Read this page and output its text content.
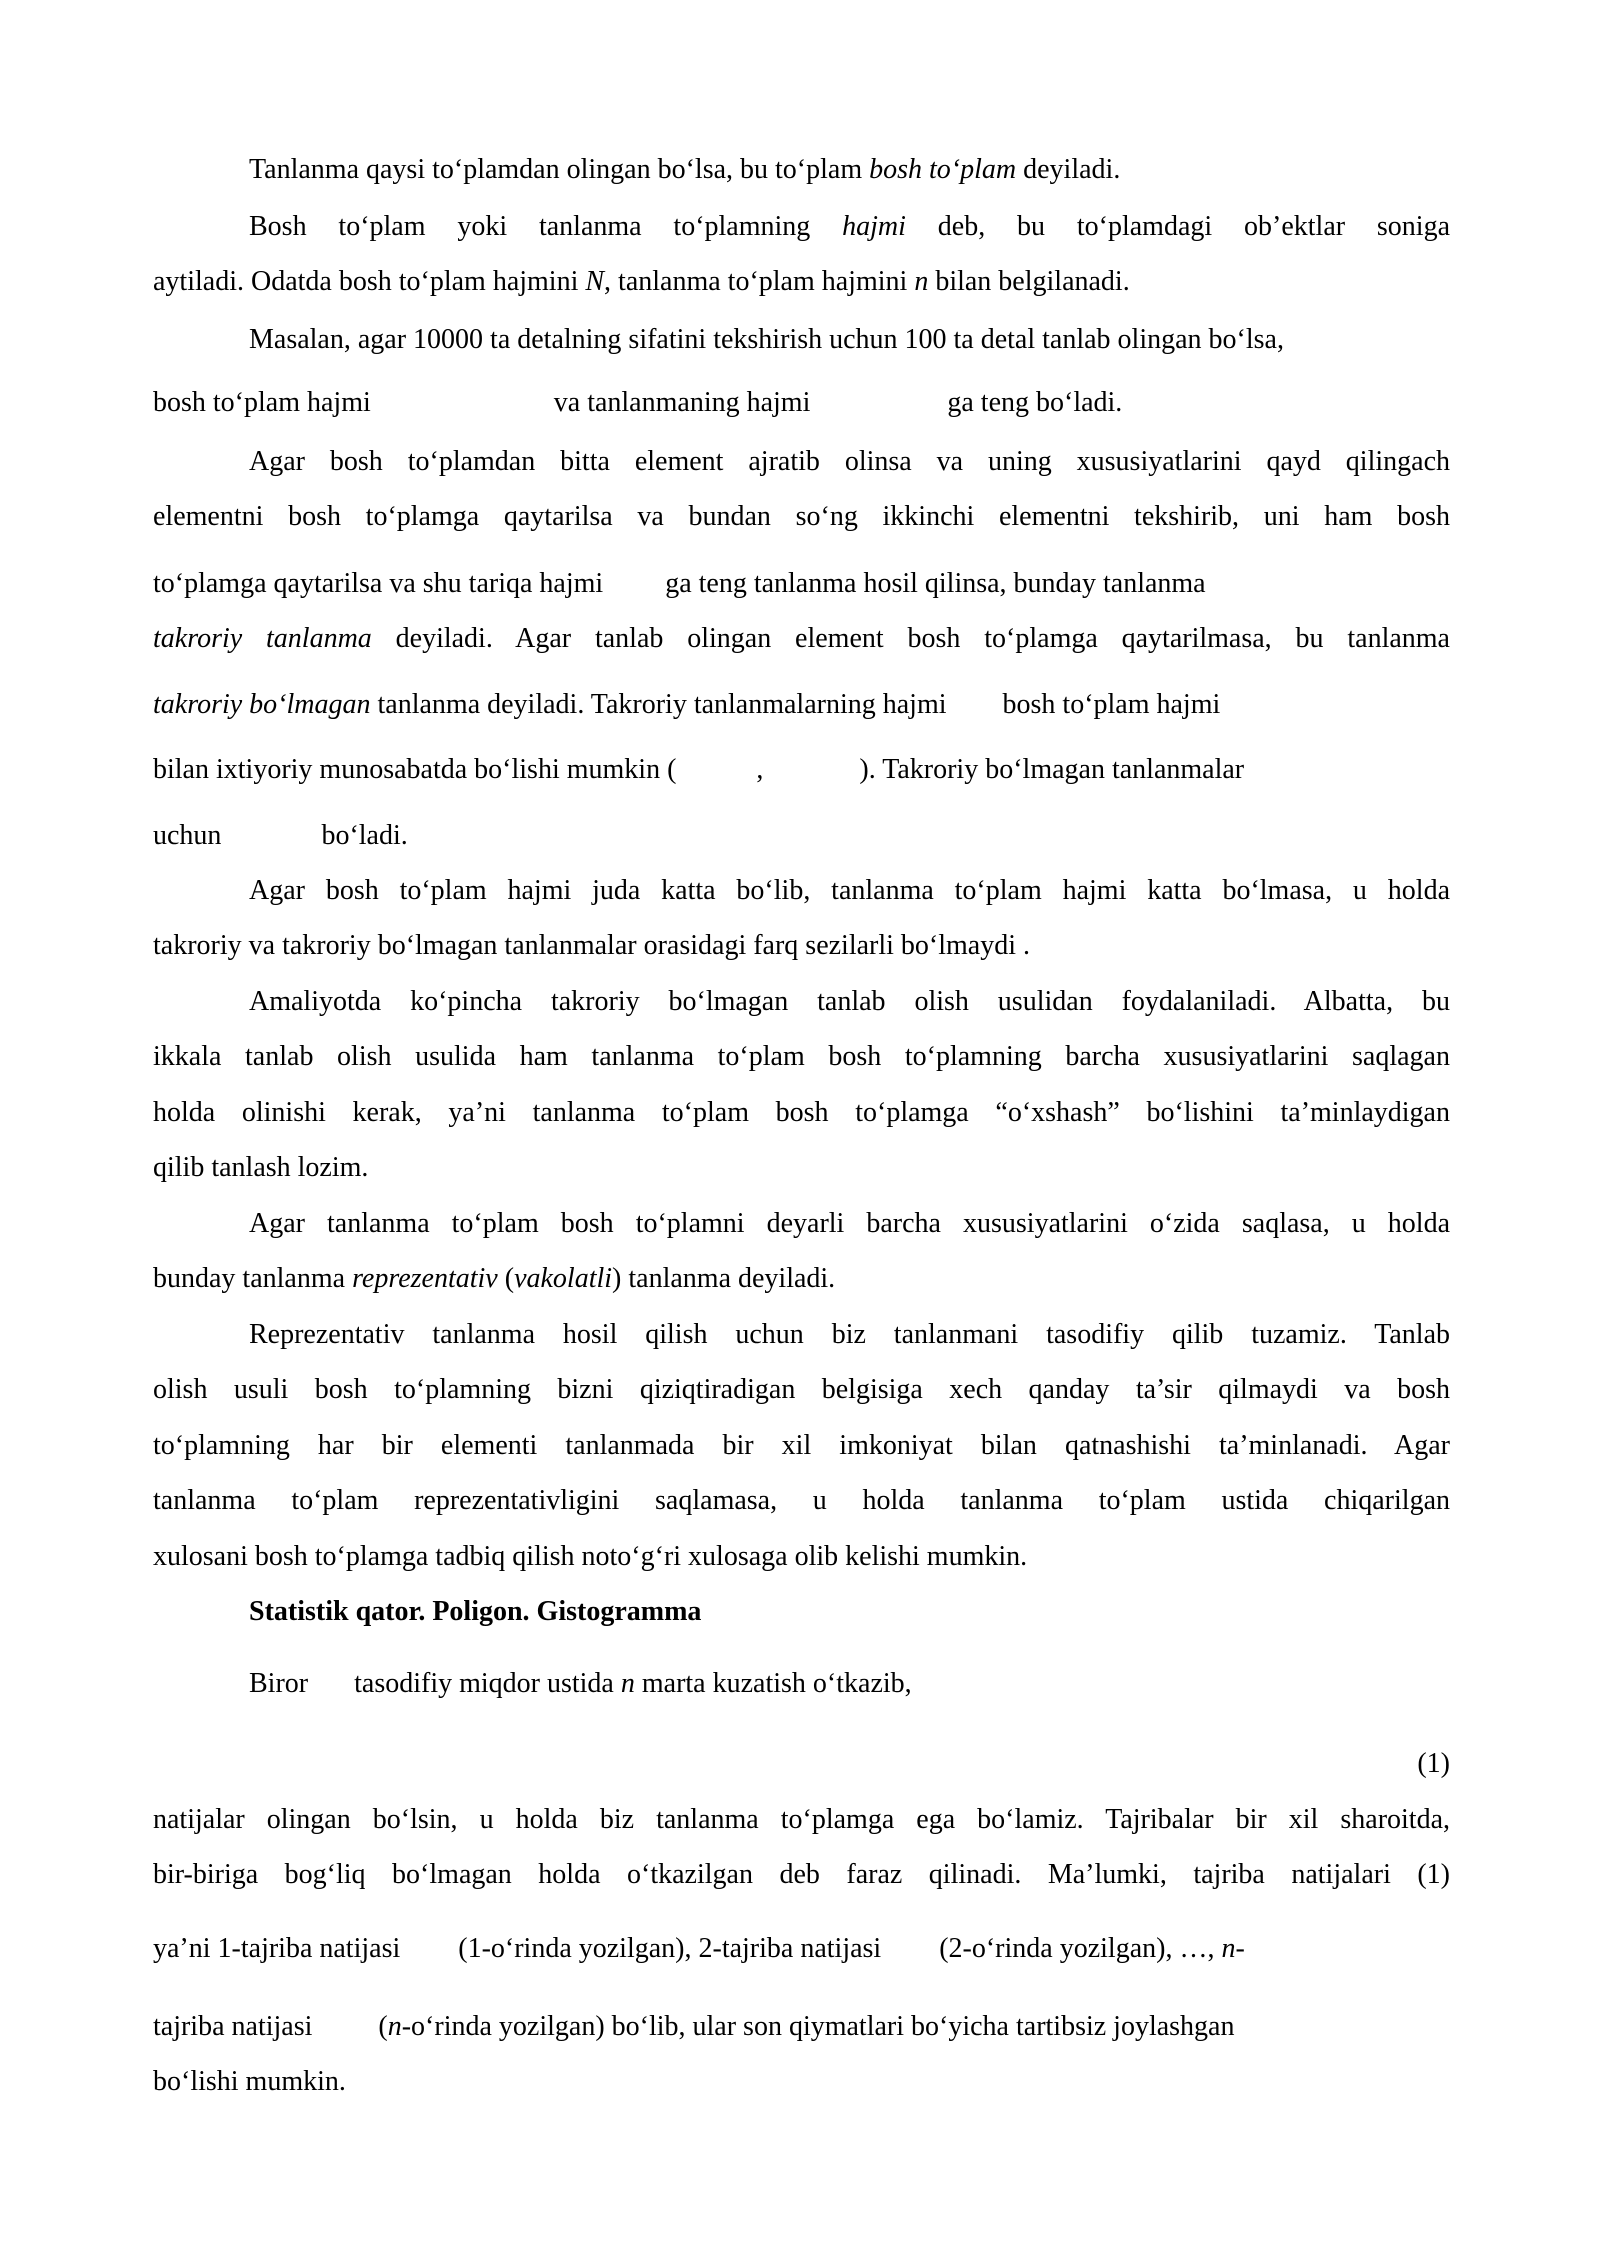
Tanlanma qaysi to‘plamdan olingan bo‘lsa, bu to‘plam bosh to‘plam deyiladi.
Bosh to‘plam yoki tanlanma to‘plamning hajmi deb, bu to‘plamdagi ob’ektlar soniga
aytiladi. Odatda bosh to‘plam hajmini N, tanlanma to‘plam hajmini n bilan belgilanadi.
Masalan, agar 10000 ta detalning sifatini tekshirish uchun 100 ta detal tanlab olingan bo‘lsa,
bosh to‘plam hajmi	va tanlanmaning hajmi	ga teng bo‘ladi.
Agar bosh to‘plamdan bitta element ajratib olinsa va uning xususiyatlarini qayd qilingach
elementni bosh to‘plamga qaytarilsa va bundan so‘ng ikkinchi elementni tekshirib, uni ham bosh
to‘plamga qaytarilsa va shu tariqa hajmi ga teng tanlanma hosil qilinsa, bunday tanlanma
takroriy tanlanma deyiladi. Agar tanlab olingan element bosh to‘plamga qaytarilmasa, bu tanlanma
takroriy bo‘lmagan tanlanma deyiladi. Takroriy tanlanmalarning hajmi bosh to‘plam hajmi
bilan ixtiyoriy munosabatda bo‘lishi mumkin (	,	). Takroriy bo‘lmagan tanlanmalar
uchun	bo‘ladi.
Agar bosh to‘plam hajmi juda katta bo‘lib, tanlanma to‘plam hajmi katta bo‘lmasa, u holda
takroriy va takroriy bo‘lmagan tanlanmalar orasidagi farq sezilarli bo‘lmaydi .
Amaliyotda ko‘pincha takroriy bo‘lmagan tanlab olish usulidan foydalaniladi. Albatta, bu
ikkala tanlab olish usulida ham tanlanma to‘plam bosh to‘plamning barcha xususiyatlarini saqlagan
holda olinishi kerak, ya’ni tanlanma to‘plam bosh to‘plamga “o‘xshash” bo‘lishini ta’minlaydigan
qilib tanlash lozim.
Agar tanlanma to‘plam bosh to‘plamni deyarli barcha xususiyatlarini o‘zida saqlasa, u holda
bunday tanlanma reprezentativ (vakolatli) tanlanma deyiladi.
Reprezentativ tanlanma hosil qilish uchun biz tanlanmani tasodifiy qilib tuzamiz. Tanlab
olish usuli bosh to‘plamning bizni qiziqtiradigan belgisiga xech qanday ta’sir qilmaydi va bosh
to‘plamning har bir elementi tanlanmada bir xil imkoniyat bilan qatnashishi ta’minlanadi. Agar
tanlanma to‘plam reprezentativligini saqlamasa, u holda tanlanma to‘plam ustida chiqarilgan
xulosani bosh to‘plamga tadbiq qilish noto‘g‘ri xulosaga olib kelishi mumkin.
Statistik qator. Poligon. Gistogramma
Biror tasodifiy miqdor ustida n marta kuzatish o‘tkazib,
(1)
natijalar olingan bo‘lsin, u holda biz tanlanma to‘plamga ega bo‘lamiz. Tajribalar bir xil sharoitda,
bir-biriga bog‘liq bo‘lmagan holda o‘tkazilgan deb faraz qilinadi. Ma’lumki, tajriba natijalari (1)
ya’ni 1-tajriba natijasi (1-o‘rinda yozilgan), 2-tajriba natijasi (2-o‘rinda yozilgan), …, n-
tajriba natijasi (n-o‘rinda yozilgan) bo‘lib, ular son qiymatlari bo‘yicha tartibsiz joylashgan
bo‘lishi mumkin.
